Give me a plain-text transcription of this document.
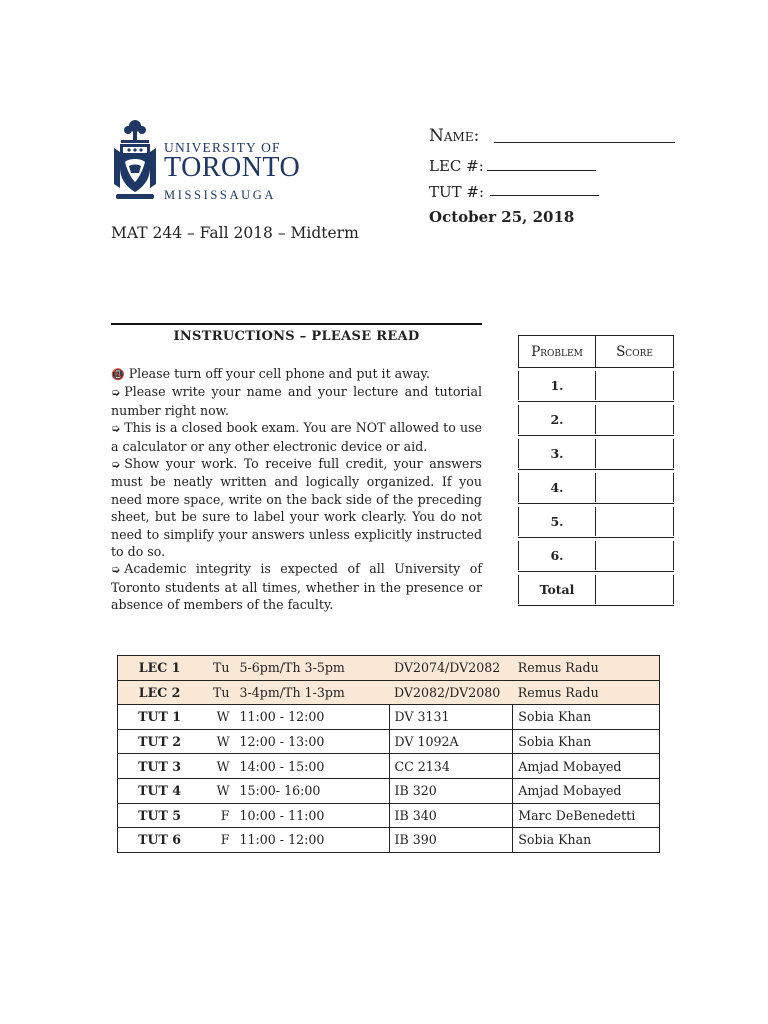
UNIVERSITY OF
TORONTO
MISSISSAUGA
Name:
LEC #:
TUT #:
October 25, 2018
MAT 244 – Fall 2018 – Midterm
INSTRUCTIONS – PLEASE READ

📵 Please turn off your cell phone and put it away.

➭ Please write your name and your lecture and tutorial number right now.

➭ This is a closed book exam. You are NOT allowed to use a calculator or any other electronic device or aid.

➭ Show your work. To receive full credit, your answers must be neatly written and logically organized. If you need more space, write on the back side of the preceding sheet, but be sure to label your work clearly. You do not need to simplify your answers unless explicitly instructed to do so.

➭ Academic integrity is expected of all University of Toronto students at all times, whether in the presence or absence of members of the faculty.

Problem	Score
1.
2.
3.
4.
5.
6.
Total
LEC 1	Tu	5-6pm/Th 3-5pm	DV2074/DV2082	Remus Radu
LEC 2	Tu	3-4pm/Th 1-3pm	DV2082/DV2080	Remus Radu
TUT 1	W	11:00 - 12:00	DV 3131	Sobia Khan
TUT 2	W	12:00 - 13:00	DV 1092A	Sobia Khan
TUT 3	W	14:00 - 15:00	CC 2134	Amjad Mobayed
TUT 4	W	15:00- 16:00	IB 320	Amjad Mobayed
TUT 5	F	10:00 - 11:00	IB 340	Marc DeBenedetti
TUT 6	F	11:00 - 12:00	IB 390	Sobia Khan
